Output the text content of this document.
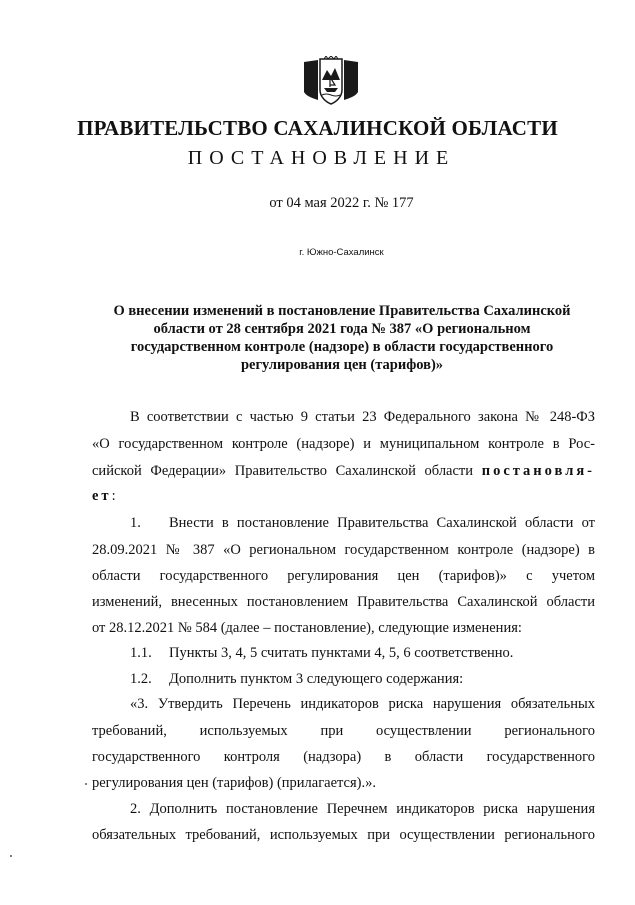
ПРАВИТЕЛЬСТВО САХАЛИНСКОЙ ОБЛАСТИ
ПОСТАНОВЛЕНИЕ
от 04 мая 2022 г. № 177
г. Южно-Сахалинск
О внесении изменений в постановление Правительства Сахалинской
области от 28 сентября 2021 года № 387 «О региональном
государственном контроле (надзоре) в области государственного
регулирования цен (тарифов)»
В соответствии с частью 9 статьи 23 Федерального закона № 248-ФЗ
«О государственном контроле (надзоре) и муниципальном контроле в Рос-
сийской Федерации» Правительство Сахалинской области постановля-
ет:
1. Внести в постановление Правительства Сахалинской области от
28.09.2021 № 387 «О региональном государственном контроле (надзоре) в
области государственного регулирования цен (тарифов)» с учетом
изменений, внесенных постановлением Правительства Сахалинской области
от 28.12.2021 № 584 (далее – постановление), следующие изменения:
1.1. Пункты 3, 4, 5 считать пунктами 4, 5, 6 соответственно.
1.2. Дополнить пунктом 3 следующего содержания:
«3. Утвердить Перечень индикаторов риска нарушения обязательных
требований, используемых при осуществлении регионального
государственного контроля (надзора) в области государственного
регулирования цен (тарифов) (прилагается).».
2. Дополнить постановление Перечнем индикаторов риска нарушения
обязательных требований, используемых при осуществлении регионального
